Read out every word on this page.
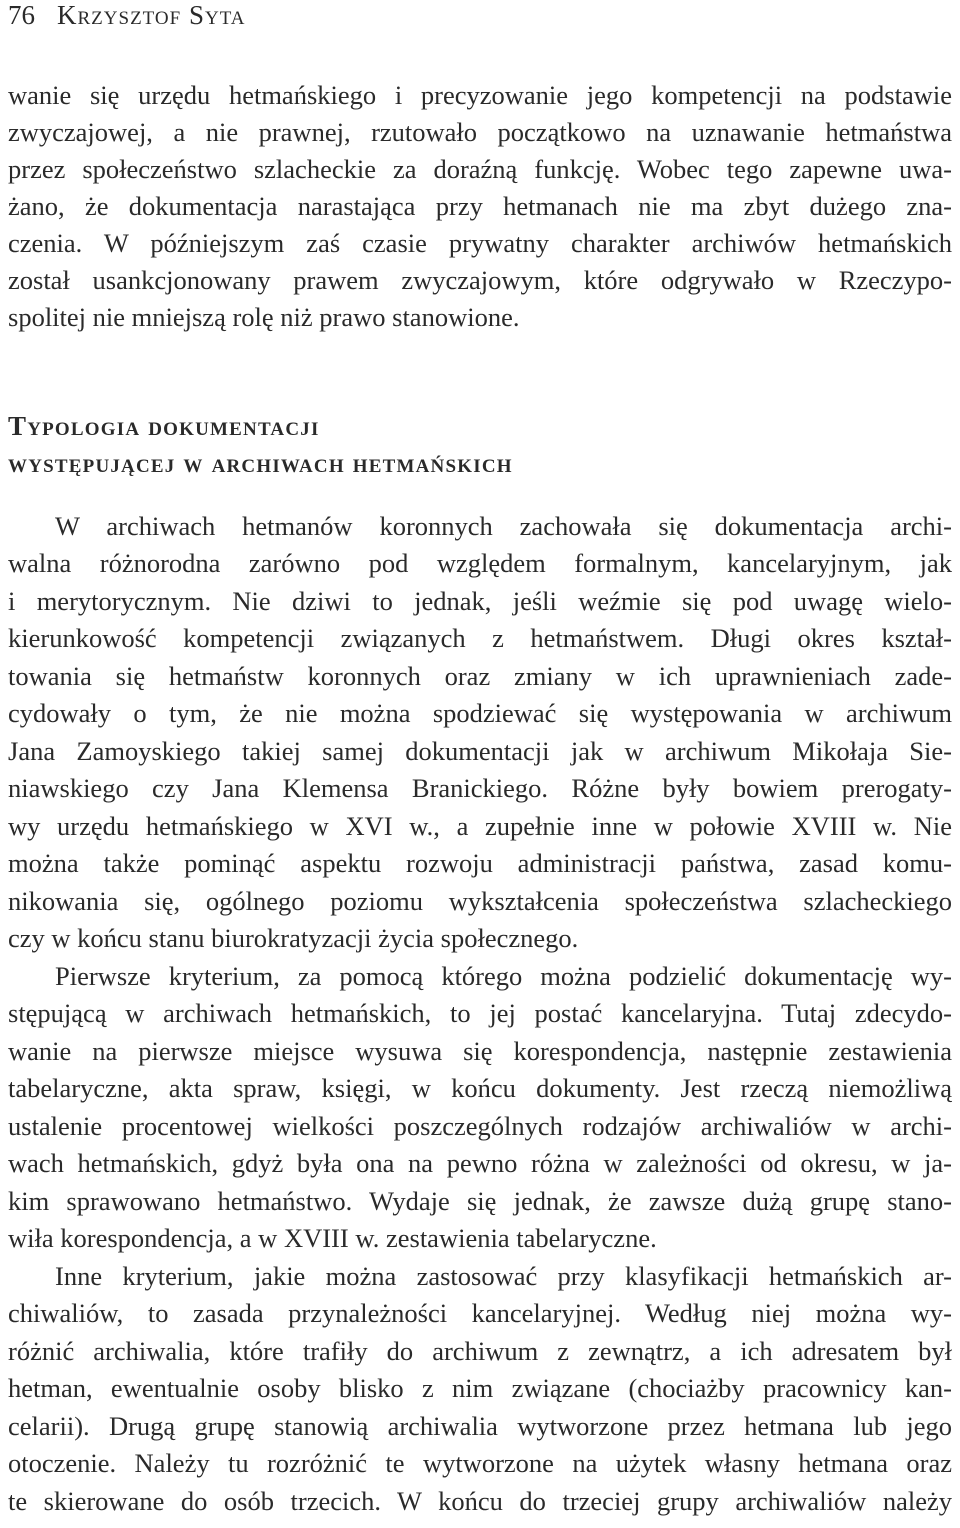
76 Krzysztof Syta
wanie się urzędu hetmańskiego i precyzowanie jego kompetencji na podstawie
zwyczajowej, a nie prawnej, rzutowało początkowo na uznawanie hetmaństwa
przez społeczeństwo szlacheckie za doraźną funkcję. Wobec tego zapewne uwa-
żano, że dokumentacja narastająca przy hetmanach nie ma zbyt dużego zna-
czenia. W późniejszym zaś czasie prywatny charakter archiwów hetmańskich
został usankcjonowany prawem zwyczajowym, które odgrywało w Rzeczypo-
spolitej nie mniejszą rolę niż prawo stanowione.
Typologia dokumentacji
występującej w archiwach hetmańskich
W archiwach hetmanów koronnych zachowała się dokumentacja archi-
walna różnorodna zarówno pod względem formalnym, kancelaryjnym, jak
i merytorycznym. Nie dziwi to jednak, jeśli weźmie się pod uwagę wielo-
kierunkowość kompetencji związanych z hetmaństwem. Długi okres kształ-
towania się hetmaństw koronnych oraz zmiany w ich uprawnieniach zade-
cydowały o tym, że nie można spodziewać się występowania w archiwum
Jana Zamoyskiego takiej samej dokumentacji jak w archiwum Mikołaja Sie-
niawskiego czy Jana Klemensa Branickiego. Różne były bowiem prerogaty-
wy urzędu hetmańskiego w XVI w., a zupełnie inne w połowie XVIII w. Nie
można także pominąć aspektu rozwoju administracji państwa, zasad komu-
nikowania się, ogólnego poziomu wykształcenia społeczeństwa szlacheckiego
czy w końcu stanu biurokratyzacji życia społecznego.
Pierwsze kryterium, za pomocą którego można podzielić dokumentację wy-
stępującą w archiwach hetmańskich, to jej postać kancelaryjna. Tutaj zdecydo-
wanie na pierwsze miejsce wysuwa się korespondencja, następnie zestawienia
tabelaryczne, akta spraw, księgi, w końcu dokumenty. Jest rzeczą niemożliwą
ustalenie procentowej wielkości poszczególnych rodzajów archiwaliów w archi-
wach hetmańskich, gdyż była ona na pewno różna w zależności od okresu, w ja-
kim sprawowano hetmaństwo. Wydaje się jednak, że zawsze dużą grupę stano-
wiła korespondencja, a w XVIII w. zestawienia tabelaryczne.
Inne kryterium, jakie można zastosować przy klasyfikacji hetmańskich ar-
chiwaliów, to zasada przynależności kancelaryjnej. Według niej można wy-
różnić archiwalia, które trafiły do archiwum z zewnątrz, a ich adresatem był
hetman, ewentualnie osoby blisko z nim związane (chociażby pracownicy kan-
celarii). Drugą grupę stanowią archiwalia wytworzone przez hetmana lub jego
otoczenie. Należy tu rozróżnić te wytworzone na użytek własny hetmana oraz
te skierowane do osób trzecich. W końcu do trzeciej grupy archiwaliów należy
